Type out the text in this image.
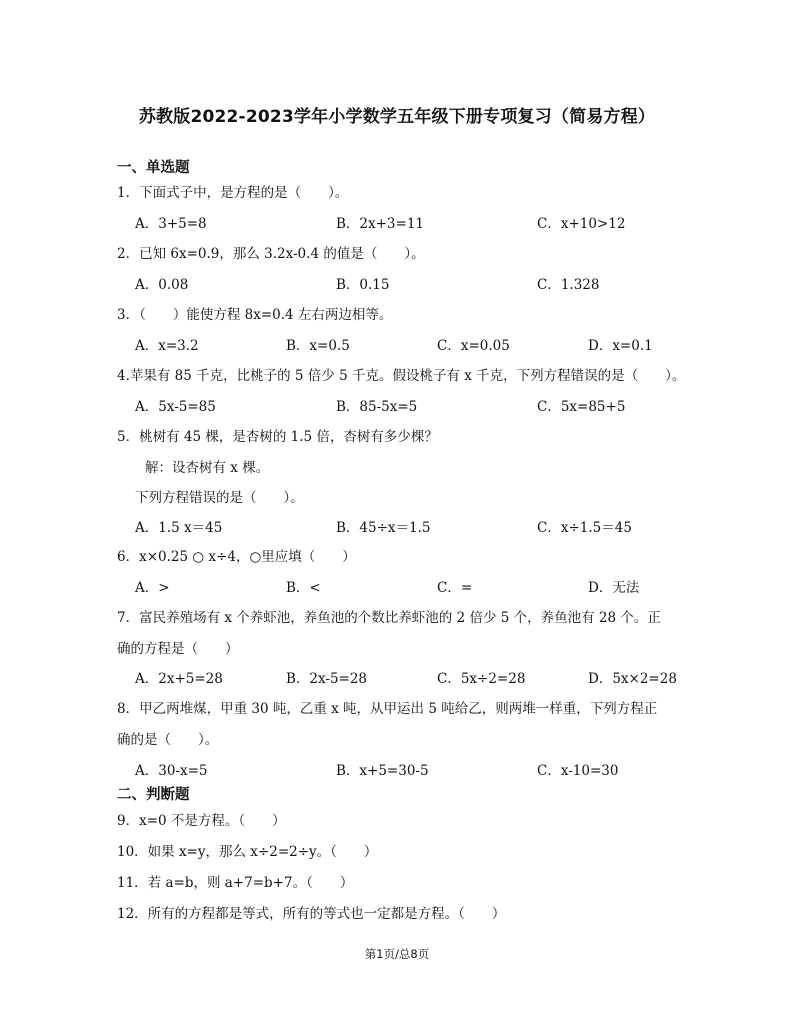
苏教版2022-2023学年小学数学五年级下册专项复习（简易方程）
一、单选题
1．下面式子中，是方程的是（　　）。
A．3+5=8	B．2x+3=11	C．x+10>12
2．已知 6x=0.9，那么 3.2x-0.4 的值是（　　）。
A．0.08	B．0.15	C．1.328
3．（　　）能使方程 8x=0.4 左右两边相等。
A．x=3.2	B．x=0.5	C．x=0.05	D．x=0.1
4.苹果有 85 千克，比桃子的 5 倍少 5 千克。假设桃子有 x 千克，下列方程错误的是（　　）。
A．5x-5=85	B．85-5x=5	C．5x=85+5
5．桃树有 45 棵，是杏树的 1.5 倍，杏树有多少棵？
解：设杏树有 x 棵。
下列方程错误的是（　　）。
A．1.5 x＝45	B．45÷x＝1.5	C．x÷1.5＝45
6．x×0.25 ○ x÷4，○里应填（　　）
A．>	B．<	C．=	D．无法
7．富民养殖场有 x 个养虾池，养鱼池的个数比养虾池的 2 倍少 5 个，养鱼池有 28 个。正
确的方程是（　　）
A．2x+5=28	B．2x-5=28	C．5x÷2=28	D．5x×2=28
8．甲乙两堆煤，甲重 30 吨，乙重 x 吨，从甲运出 5 吨给乙，则两堆一样重，下列方程正
确的是（　　）。
A．30-x=5	B．x+5=30-5	C．x-10=30
二、判断题
9．x=0 不是方程。（　　）
10．如果 x=y，那么 x÷2=2÷y。（　　）
11．若 a=b，则 a+7=b+7。（　　）
12．所有的方程都是等式，所有的等式也一定都是方程。（　　）
第1页/总8页
